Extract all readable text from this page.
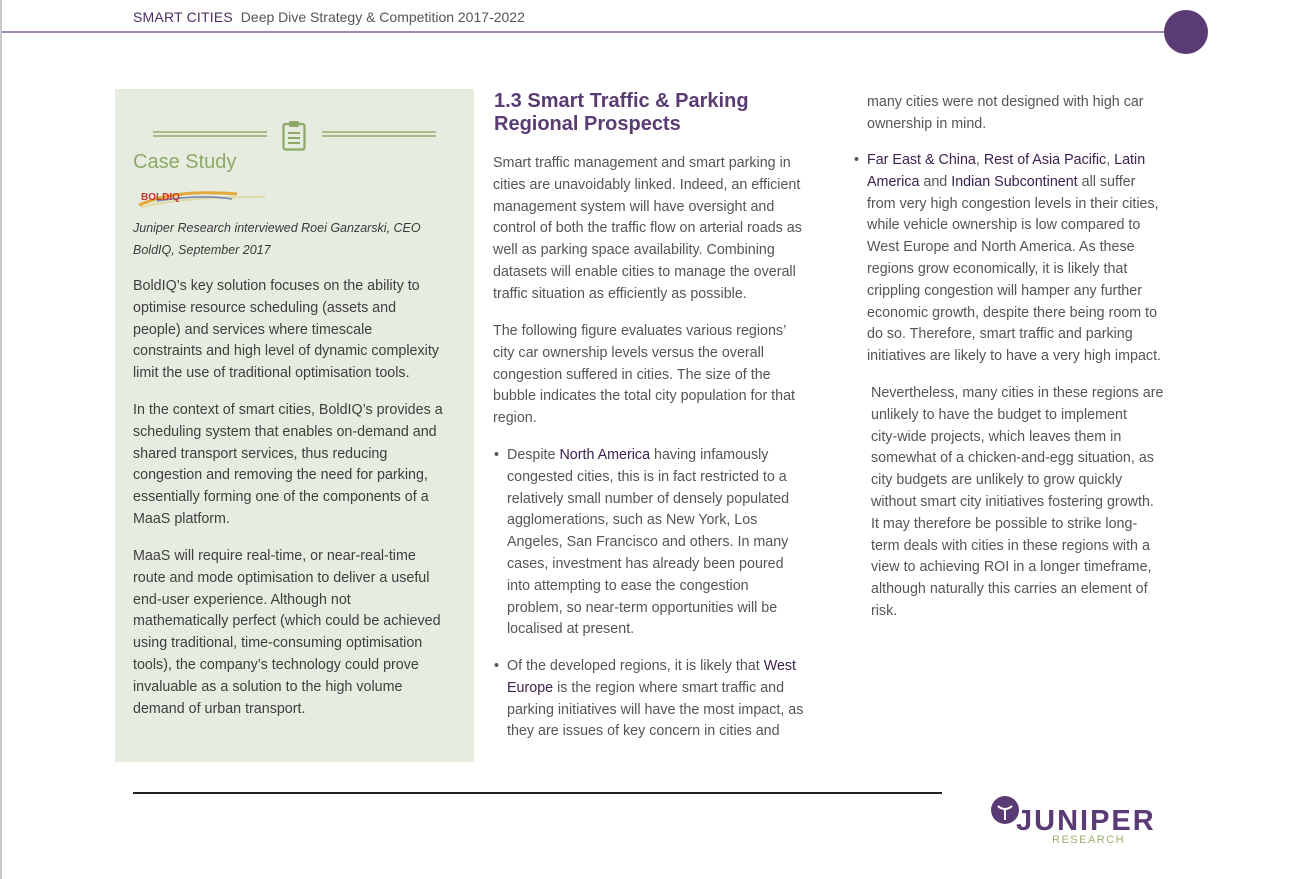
SMART CITIES Deep Dive Strategy & Competition 2017-2022
Case Study
BOLDIQ
Juniper Research interviewed Roei Ganzarski, CEO
BoldIQ, September 2017

BoldIQ’s key solution focuses on the ability to
optimise resource scheduling (assets and
people) and services where timescale
constraints and high level of dynamic complexity
limit the use of traditional optimisation tools.

In the context of smart cities, BoldIQ’s provides a
scheduling system that enables on-demand and
shared transport services, thus reducing
congestion and removing the need for parking,
essentially forming one of the components of a
MaaS platform.

MaaS will require real-time, or near-real-time
route and mode optimisation to deliver a useful
end-user experience. Although not
mathematically perfect (which could be achieved
using traditional, time-consuming optimisation
tools), the company’s technology could prove
invaluable as a solution to the high volume
demand of urban transport.

1.3 Smart Traffic & Parking
Regional Prospects

Smart traffic management and smart parking in
cities are unavoidably linked. Indeed, an efficient
management system will have oversight and
control of both the traffic flow on arterial roads as
well as parking space availability. Combining
datasets will enable cities to manage the overall
traffic situation as efficiently as possible.

The following figure evaluates various regions’
city car ownership levels versus the overall
congestion suffered in cities. The size of the
bubble indicates the total city population for that
region.

• Despite North America having infamously
congested cities, this is in fact restricted to a
relatively small number of densely populated
agglomerations, such as New York, Los
Angeles, San Francisco and others. In many
cases, investment has already been poured
into attempting to ease the congestion
problem, so near-term opportunities will be
localised at present.
• Of the developed regions, it is likely that West
Europe is the region where smart traffic and
parking initiatives will have the most impact, as
they are issues of key concern in cities and

many cities were not designed with high car
ownership in mind.

• Far East & China, Rest of Asia Pacific, Latin
America and Indian Subcontinent all suffer
from very high congestion levels in their cities,
while vehicle ownership is low compared to
West Europe and North America. As these
regions grow economically, it is likely that
crippling congestion will hamper any further
economic growth, despite there being room to
do so. Therefore, smart traffic and parking
initiatives are likely to have a very high impact.

Nevertheless, many cities in these regions are
unlikely to have the budget to implement
city-wide projects, which leaves them in
somewhat of a chicken-and-egg situation, as
city budgets are unlikely to grow quickly
without smart city initiatives fostering growth.
It may therefore be possible to strike long-
term deals with cities in these regions with a
view to achieving ROI in a longer timeframe,
although naturally this carries an element of
risk.

JUNIPER
RESEARCH
